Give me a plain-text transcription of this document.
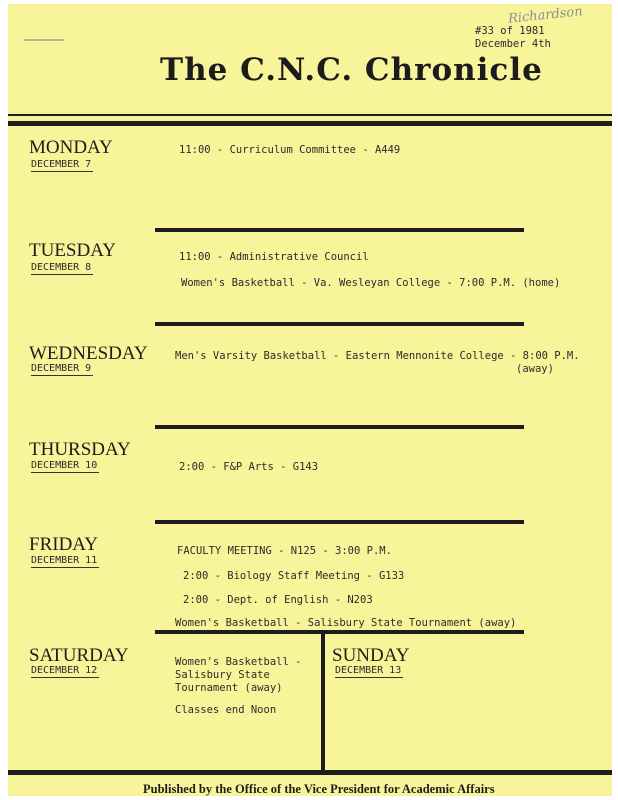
Richardson
#33 of 1981
December 4th
The C.N.C. Chronicle
MONDAY
DECEMBER 7
11:00 - Curriculum Committee - A449
TUESDAY
DECEMBER 8
11:00 - Administrative Council
Women's Basketball - Va. Wesleyan College - 7:00 P.M. (home)
WEDNESDAY
DECEMBER 9
Men's Varsity Basketball - Eastern Mennonite College - 8:00 P.M.
(away)
THURSDAY
DECEMBER 10	2:00 - F&P Arts - G143
FRIDAY
DECEMBER 11
FACULTY MEETING - N125 - 3:00 P.M.
2:00 - Biology Staff Meeting - G133
2:00 - Dept. of English - N203
Women's Basketball - Salisbury State Tournament (away)
SATURDAY
DECEMBER 12
Women's Basketball -
Salisbury State
Tournament (away)
Classes end Noon
SUNDAY
DECEMBER 13
Published by the Office of the Vice President for Academic Affairs
